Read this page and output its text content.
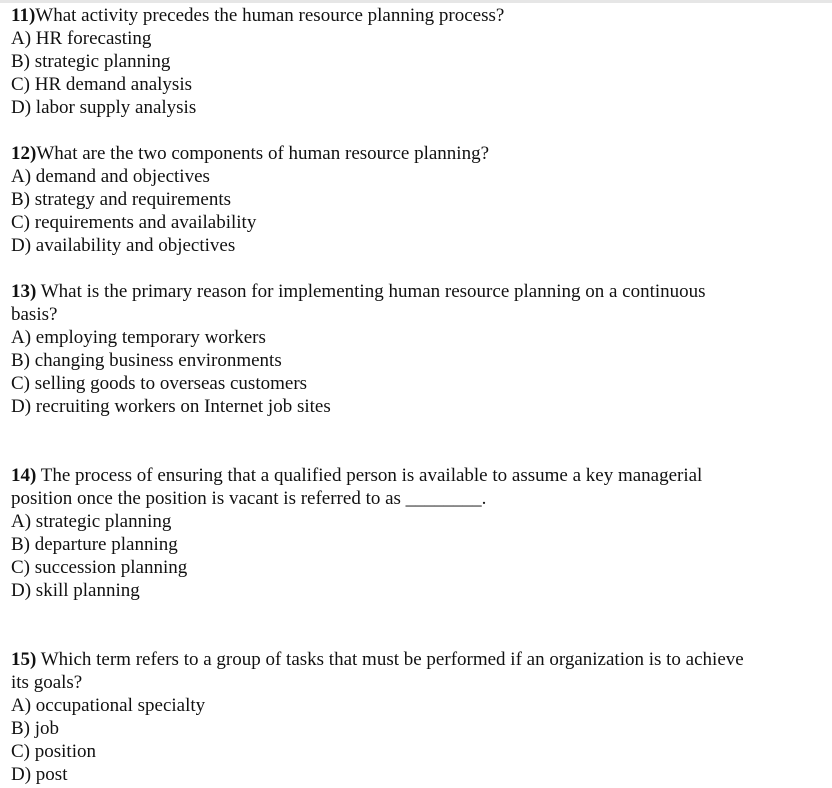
11)What activity precedes the human resource planning process?
A) HR forecasting
B) strategic planning
C) HR demand analysis
D) labor supply analysis
12)What are the two components of human resource planning?
A) demand and objectives
B) strategy and requirements
C) requirements and availability
D) availability and objectives
13) What is the primary reason for implementing human resource planning on a continuous basis?
A) employing temporary workers
B) changing business environments
C) selling goods to overseas customers
D) recruiting workers on Internet job sites
14) The process of ensuring that a qualified person is available to assume a key managerial position once the position is vacant is referred to as ________.
A) strategic planning
B) departure planning
C) succession planning
D) skill planning
15) Which term refers to a group of tasks that must be performed if an organization is to achieve its goals?
A) occupational specialty
B) job
C) position
D) post
